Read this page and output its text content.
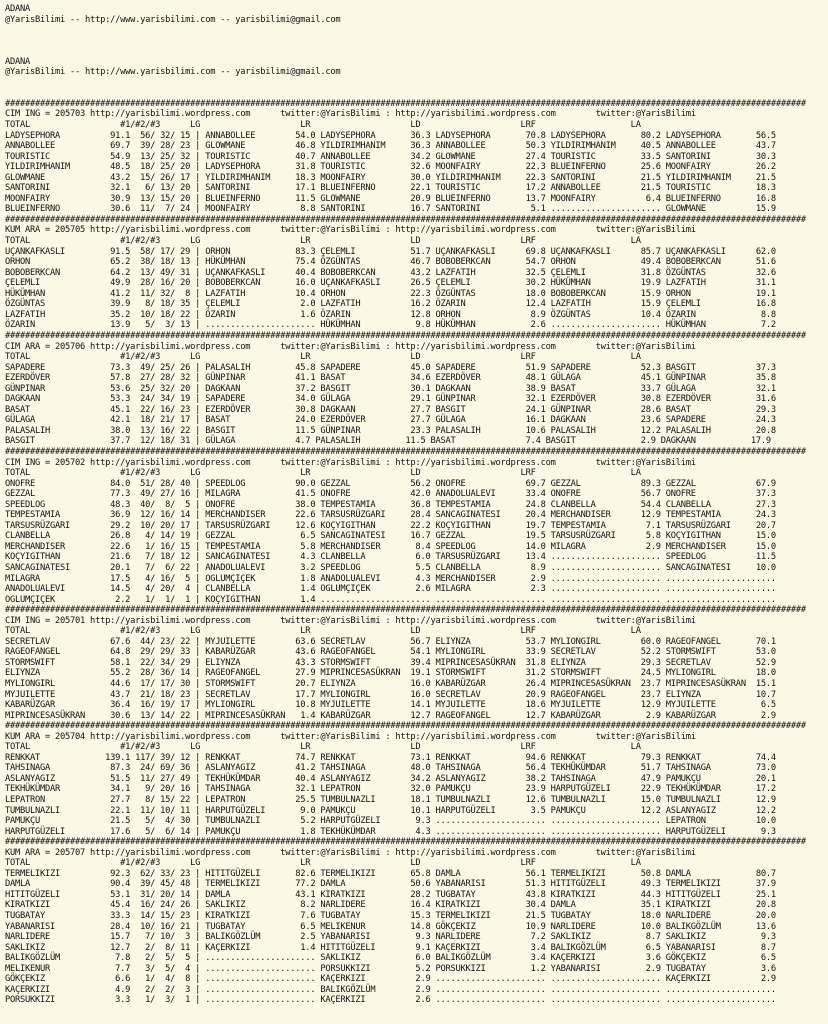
ADANA
@YarisBilimi -- http://www.yarisbilimi.com -- yarisbilimi@gmail.com
ADANA
@YarisBilimi -- http://www.yarisbilimi.com -- yarisbilimi@gmail.com
################################################################################################################################################################
CIM ING = 205703 http://yarisbilimi.wordpress.com      twitter:@YarisBilimi : http://yarisbilimi.wordpress.com        twitter:@YarisBilimi
TOTAL                  #1/#2/#3      LG                    LR                    LD                    LRF                   LA
LADYSEPHORA          91.1  56/ 32/ 15 | ANNABOLLEE        54.0 LADYSEPHORA       36.3 LADYSEPHORA       70.8 LADYSEPHORA       80.2 LADYSEPHORA       56.5
ANNABOLLEE           69.7  39/ 28/ 23 | GLOWMANE          46.8 YILDIRIMHANIM     36.3 ANNABOLLEE        50.3 YILDIRIMHANIM     40.5 ANNABOLLEE        43.7
TOURISTIC            54.9  13/ 25/ 32 | TOURISTIC         40.7 ANNABOLLEE        34.2 GLOWMANE          27.4 TOURISTIC         33.5 SANTORINI         30.3
YILDIRIMHANIM        48.5  18/ 25/ 20 | LADYSEPHORA       31.8 TOURISTIC         32.6 MOONFAIRY         22.3 BLUEINFERNO       25.6 MOONFAIRY         26.2
GLOWMANE             43.2  15/ 26/ 17 | YILDIRIMHANIM     18.3 MOONFAIRY         30.0 YILDIRIMHANIM     22.3 SANTORINI         21.5 YILDIRIMHANIM     21.5
SANTORINI            32.1   6/ 13/ 20 | SANTORINI         17.1 BLUEINFERNO       22.1 TOURISTIC         17.2 ANNABOLLEE        21.5 TOURISTIC         18.3
MOONFAIRY            30.9  13/ 15/ 20 | BLUEINFERNO       11.5 GLOWMANE          20.9 BLUEINFERNO       13.7 MOONFAIRY          6.4 BLUEINFERNO       16.8
BLUEINFERNO          30.6  11/  7/ 24 | MOONFAIRY          8.8 SANTORINI         16.7 SANTORINI          5.1 ...................... GLOWMANE          15.9
################################################################################################################################################################
KUM ARA = 205705 http://yarisbilimi.wordpress.com      twitter:@YarisBilimi : http://yarisbilimi.wordpress.com        twitter:@YarisBilimi
TOTAL                  #1/#2/#3      LG                    LR                    LD                    LRF                   LA
UÇANKAFKASLI         91.5  58/ 17/ 29 | ORHON             83.3 ÇELEMLI           51.7 UÇANKAFKASLI      69.8 UÇANKAFKASLI      85.7 UÇANKAFKASLI      62.0
ORHON                65.2  38/ 18/ 13 | HÜKÜMHAN          75.4 ÖZGÜNTAS          46.7 BOBOBERKCAN       54.7 ORHON             49.4 BOBOBERKCAN       51.6
BOBOBERKCAN          64.2  13/ 49/ 31 | UÇANKAFKASLI      40.4 BOBOBERKCAN       43.2 LAZFATIH          32.5 ÇELEMLI           31.8 ÖZGÜNTAS          32.6
ÇELEMLI              49.9  28/ 16/ 20 | BOBOBERKCAN       16.0 UÇANKAFKASLI      26.5 ÇELEMLI           30.2 HÜKÜMHAN          19.9 LAZFATIH          31.1
HÜKÜMHAN             41.2  11/ 32/  8 | LAZFATIH          10.4 ORHON             22.3 ÖZGÜNTAS          18.0 BOBOBERKCAN       15.9 ORHON             19.1
ÖZGÜNTAS             39.9   8/ 18/ 35 | ÇELEMLI            2.0 LAZFATIH          16.2 ÖZARIN            12.4 LAZFATIH          15.9 ÇELEMLI           16.8
LAZFATIH             35.2  10/ 18/ 22 | ÖZARIN             1.6 ÖZARIN            12.8 ORHON              8.9 ÖZGÜNTAS          10.4 ÖZARIN             8.8
ÖZARIN               13.9   5/  3/ 13 | ...................... HÜKÜMHAN           9.8 HÜKÜMHAN           2.6 ...................... HÜKÜMHAN           7.2
################################################################################################################################################################
CIM ARA = 205706 http://yarisbilimi.wordpress.com      twitter:@YarisBilimi : http://yarisbilimi.wordpress.com        twitter:@YarisBilimi
TOTAL                  #1/#2/#3      LG                    LR                    LD                    LRF                   LA
SAPADERE             73.3  49/ 25/ 26 | PALASALIH         45.8 SAPADERE          45.0 SAPADERE          51.9 SAPADERE          52.3 BASGIT            37.3
EZERDÖVER            57.8  27/ 28/ 32 | GÜNPINAR          41.1 BASAT             34.6 EZERDÖVER         48.1 GÜLAGA            45.1 GÜNPINAR          35.8
GÜNPINAR             53.6  25/ 32/ 20 | DAGKAAN           37.2 BASGIT            30.1 DAGKAAN           38.9 BASAT             33.7 GÜLAGA            32.1
DAGKAAN              53.3  24/ 34/ 19 | SAPADERE          34.0 GÜLAGA            29.1 GÜNPINAR          32.1 EZERDÖVER         30.8 EZERDÖVER         31.6
BASAT                45.1  22/ 16/ 23 | EZERDÖVER         30.8 DAGKAAN           27.7 BASGIT            24.1 GÜNPINAR          28.6 BASAT             29.3
GÜLAGA               42.1  18/ 21/ 17 | BASAT             24.0 EZERDÖVER         27.7 GÜLAGA            16.1 DAGKAAN           23.6 SAPADERE          24.3
PALASALIH            38.0  13/ 16/ 22 | BASGIT            11.5 GÜNPINAR          23.3 PALASALIH         10.6 PALASALIH         12.2 PALASALIH         20.8
BASGIT               37.7  12/ 18/ 31 | GÜLAGA            4.7 PALASALIH         11.5 BASAT              7.4 BASGIT             2.9 DAGKAAN           17.9
################################################################################################################################################################
CIM ING = 205702 http://yarisbilimi.wordpress.com      twitter:@YarisBilimi : http://yarisbilimi.wordpress.com        twitter:@YarisBilimi
TOTAL                  #1/#2/#3      LG                    LR                    LD                    LRF                   LA
ONOFRE               84.0  51/ 28/ 40 | SPEEDLOG          90.0 GEZZAL            56.2 ONOFRE            69.7 GEZZAL            89.3 GEZZAL            67.9
GEZZAL               77.3  49/ 27/ 16 | MILAGRA           41.5 ONOFRE            42.0 ANADOLUALEVI      33.4 ONOFRE            56.7 ONOFRE            37.3
SPEEDLOG             48.3  40/  8/  5 | ONOFRE            38.0 TEMPESTAMIA       36.8 TEMPESTAMIA       24.8 CLANBELLA         54.4 CLANBELLA         27.3
TEMPESTAMIA          36.9  12/ 16/ 14 | MERCHANDISER      22.6 TARSUSRÜZGARI     28.4 SANCAGINATESI     20.4 MERCHANDISER      12.9 TEMPESTAMIA       24.3
TARSUSRÜZGARI        29.2  10/ 20/ 17 | TARSUSRÜZGARI     12.6 KOÇYIGITHAN       22.2 KOÇYIGITHAN       19.7 TEMPESTAMIA        7.1 TARSUSRÜZGARI     20.7
CLANBELLA            26.8   4/ 14/ 19 | GEZZAL             6.5 SANCAGINATESI     16.7 GEZZAL            19.5 TARSUSRÜZGARI      5.8 KOÇYIGITHAN       15.0
MERCHANDISER         22.6   1/ 16/ 15 | TEMPESTAMIA        5.8 MERCHANDISER       8.4 SPEEDLOG          14.0 MILAGRA            2.9 MERCHANDISER      15.0
KOÇYIGITHAN          21.6   7/ 18/ 12 | SANCAGINATESI      4.3 CLANBELLA          6.0 TARSUSRÜZGARI     13.4 ...................... SPEEDLOG          11.5
SANCAGINATESI        20.1   7/  6/ 22 | ANADOLUALEVI       3.2 SPEEDLOG           5.5 CLANBELLA          8.9 ...................... SANCAGINATESI     10.0
MILAGRA              17.5   4/ 16/  5 | OGLUMÇIÇEK         1.8 ANADOLUALEVI       4.3 MERCHANDISER       2.9 ...................... ......................
ANADOLUALEVI         14.5   4/ 20/  4 | CLANBELLA          1.4 OGLUMÇIÇEK         2.6 MILAGRA            2.3 ...................... ......................
OGLUMÇIÇEK            2.2   1/  1/  1 | KOÇYIGITHAN        1.4 ...................... ...................... ...................... ......................
################################################################################################################################################################
CIM ING = 205701 http://yarisbilimi.wordpress.com      twitter:@YarisBilimi : http://yarisbilimi.wordpress.com        twitter:@YarisBilimi
TOTAL                  #1/#2/#3      LG                    LR                    LD                    LRF                   LA
SECRETLAV            67.6  44/ 23/ 22 | MYJUILETTE        63.6 SECRETLAV         56.7 ELIYNZA           53.7 MYLIONGIRL        60.0 RAGEOFANGEL       70.1
RAGEOFANGEL          64.8  29/ 29/ 33 | KABARÜZGAR        43.6 RAGEOFANGEL       54.1 MYLIONGIRL        33.9 SECRETLAV         52.2 STORMSWIFT        53.0
STORMSWIFT           58.1  22/ 34/ 29 | ELIYNZA           43.3 STORMSWIFT        39.4 MIPRINCESASÜKRAN  31.8 ELIYNZA           29.3 SECRETLAV         52.9
ELIYNZA              55.2  28/ 36/ 14 | RAGEOFANGEL       27.9 MIPRINCESASÜKRAN  19.1 STORMSWIFT        31.2 STORMSWIFT        24.5 MYLIONGIRL        18.0
MYLIONGIRL           44.6  17/ 17/ 30 | STORMSWIFT        20.7 ELIYNZA           16.0 KABARÜZGAR        26.4 MIPRINCESASÜKRAN  23.7 MIPRINCESASÜKRAN  15.1
MYJUILETTE           43.7  21/ 18/ 23 | SECRETLAV         17.7 MYLIONGIRL        16.0 SECRETLAV         20.9 RAGEOFANGEL       23.7 ELIYNZA           10.7
KABARÜZGAR           36.4  16/ 19/ 17 | MYLIONGIRL        10.8 MYJUILETTE        14.1 MYJUILETTE        18.6 MYJUILETTE        12.9 MYJUILETTE         6.5
MIPRINCESASÜKRAN     30.6  13/ 14/ 22 | MIPRINCESASÜKRAN   1.4 KABARÜZGAR        12.7 RAGEOFANGEL       12.7 KABARÜZGAR         2.9 KABARÜZGAR         2.9
################################################################################################################################################################
KUM ARA = 205704 http://yarisbilimi.wordpress.com      twitter:@YarisBilimi : http://yarisbilimi.wordpress.com        twitter:@YarisBilimi
TOTAL                  #1/#2/#3      LG                    LR                    LD                    LRF                   LA
RENKKAT             139.1 117/ 39/ 12 | RENKKAT           74.7 RENKKAT           73.1 RENKKAT           94.6 RENKKAT           79.3 RENKKAT           74.4
TAHSINAGA            87.3  24/ 69/ 36 | ASLANYAGIZ        41.2 TAHSINAGA         48.0 TAHSINAGA         56.4 TEKHÜKÜMDAR       51.7 TAHSINAGA         73.0
ASLANYAGIZ           51.5  11/ 27/ 49 | TEKHÜKÜMDAR       40.4 ASLANYAGIZ        34.2 ASLANYAGIZ        38.2 TAHSINAGA         47.9 PAMUKÇU           20.1
TEKHÜKÜMDAR          34.1   9/ 20/ 16 | TAHSINAGA         32.1 LEPATRON          32.0 PAMUKÇU           23.9 HARPUTGÜZELI      22.9 TEKHÜKÜMDAR       17.2
LEPATRON             27.7   8/ 15/ 22 | LEPATRON          25.5 TUMBULNAZLI       18.1 TUMBULNAZLI       12.6 TUMBULNAZLI       15.0 TUMBULNAZLI       12.9
TUMBULNAZLI          22.1  11/ 10/ 11 | HARPUTGÜZELI       9.0 PAMUKÇU           10.1 HARPUTGÜZELI       3.5 PAMUKÇU           12.2 ASLANYAGIZ        12.2
PAMUKÇU              21.5   5/  4/ 30 | TUMBULNAZLI        5.2 HARPUTGÜZELI       9.3 ...................... ...................... LEPATRON          10.0
HARPUTGÜZELI         17.6   5/  6/ 14 | PAMUKÇU            1.8 TEKHÜKÜMDAR        4.3 ...................... ...................... HARPUTGÜZELI       9.3
################################################################################################################################################################
KUM ARA = 205707 http://yarisbilimi.wordpress.com      twitter:@YarisBilimi : http://yarisbilimi.wordpress.com        twitter:@YarisBilimi
TOTAL                  #1/#2/#3      LG                    LR                    LD                    LRF                   LA
TERMELIKIZI          92.3  62/ 33/ 23 | HITITGÜZELI       82.6 TERMELIKIZI       65.8 DAMLA             56.1 TERMELIKIZI       50.8 DAMLA             80.7
DAMLA                90.4  39/ 45/ 48 | TERMELIKIZI       77.2 DAMLA             50.6 YABANARISI        51.3 HITITGÜZELI       49.3 TERMELIKIZI       37.9
HITITGÜZELI          53.1  31/ 20/ 14 | DAMLA             43.1 KIRATKIZI         28.2 TUGBATAY          43.8 KIRATKIZI         44.3 HITITGÜZELI       25.1
KIRATKIZI            45.4  16/ 24/ 26 | SAKLIKIZ           8.2 NARLIDERE         16.4 KIRATKIZI         30.4 DAMLA             35.1 KIRATKIZI         20.8
TUGBATAY             33.3  14/ 15/ 23 | KIRATKIZI          7.6 TUGBATAY          15.3 TERMELIKIZI       21.5 TUGBATAY          18.0 NARLIDERE         20.0
YABANARISI           28.4  10/ 16/ 21 | TUGBATAY           6.5 MELIKENUR         14.8 GÖKÇEKIZ          10.9 NARLIDERE         10.0 BALIKGÖZLÜM       13.6
NARLIDERE            15.7   7/ 10/  3 | BALIKGÖZLÜM        2.5 YABANARISI         9.3 NARLIDERE          7.2 SAKLIKIZ           8.7 SAKLIKIZ           9.3
SAKLIKIZ             12.7   2/  8/ 11 | KAÇERKIZI          1.4 HITITGÜZELI        9.1 KAÇERKIZI          3.4 BALIKGÖZLÜM        6.5 YABANARISI         8.7
BALIKGÖZLÜM           7.8   2/  5/  5 | ...................... SAKLIKIZ           6.0 BALIKGÖZLÜM        3.4 KAÇERKIZI          3.6 GÖKÇEKIZ           6.5
MELIKENUR             7.7   3/  5/  4 | ...................... PORSUKKIZI         5.2 PORSUKKIZI         1.2 YABANARISI         2.9 TUGBATAY           3.6
GÖKÇEKIZ              6.6   1/  4/  8 | ...................... KAÇERKIZI          2.9 ...................... ...................... KAÇERKIZI          2.9
KAÇERKIZI             4.9   2/  2/  3 | ...................... BALIKGÖZLÜM        2.9 ...................... ...................... ......................
PORSUKKIZI            3.3   1/  3/  1 | ...................... KAÇERKIZI          2.6 ...................... ...................... ......................
